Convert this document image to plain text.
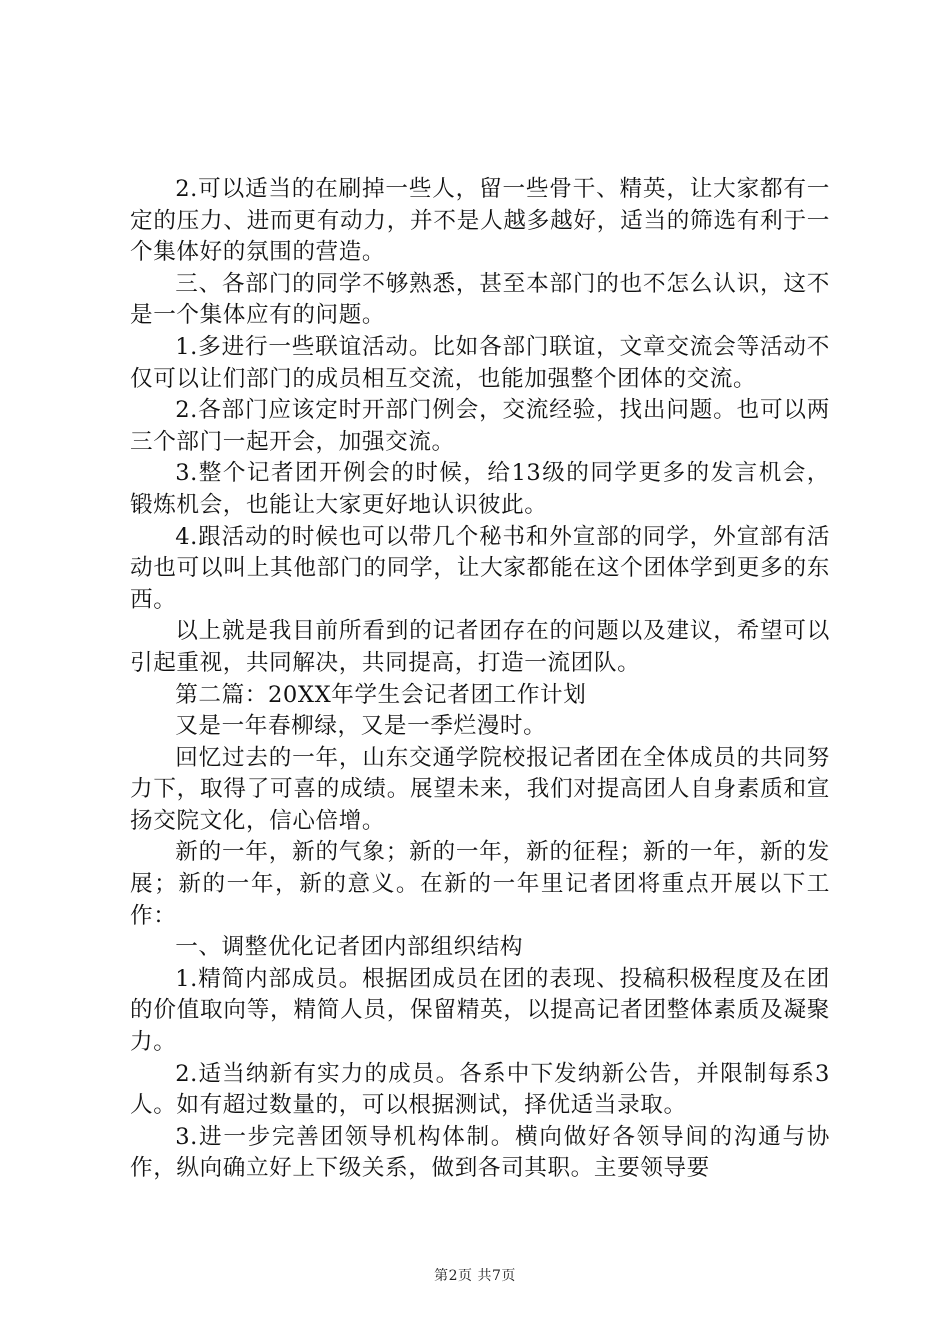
2.可以适当的在刷掉一些人，留一些骨干、精英，让大家都有一定的压力、进而更有动力，并不是人越多越好，适当的筛选有利于一个集体好的氛围的营造。

三、各部门的同学不够熟悉，甚至本部门的也不怎么认识，这不是一个集体应有的问题。

1.多进行一些联谊活动。比如各部门联谊，文章交流会等活动不仅可以让们部门的成员相互交流，也能加强整个团体的交流。

2.各部门应该定时开部门例会，交流经验，找出问题。也可以两三个部门一起开会，加强交流。

3.整个记者团开例会的时候，给13级的同学更多的发言机会，锻炼机会，也能让大家更好地认识彼此。

4.跟活动的时候也可以带几个秘书和外宣部的同学，外宣部有活动也可以叫上其他部门的同学，让大家都能在这个团体学到更多的东西。

以上就是我目前所看到的记者团存在的问题以及建议，希望可以引起重视，共同解决，共同提高，打造一流团队。

第二篇：20XX年学生会记者团工作计划

又是一年春柳绿，又是一季烂漫时。

回忆过去的一年，山东交通学院校报记者团在全体成员的共同努力下，取得了可喜的成绩。展望未来，我们对提高团人自身素质和宣扬交院文化，信心倍增。

新的一年，新的气象；新的一年，新的征程；新的一年，新的发展；新的一年，新的意义。在新的一年里记者团将重点开展以下工作：

一、调整优化记者团内部组织结构

1.精简内部成员。根据团成员在团的表现、投稿积极程度及在团的价值取向等，精简人员，保留精英，以提高记者团整体素质及凝聚力。

2.适当纳新有实力的成员。各系中下发纳新公告，并限制每系3人。如有超过数量的，可以根据测试，择优适当录取。

3.进一步完善团领导机构体制。横向做好各领导间的沟通与协作，纵向确立好上下级关系，做到各司其职。主要领导要

第2页 共7页
